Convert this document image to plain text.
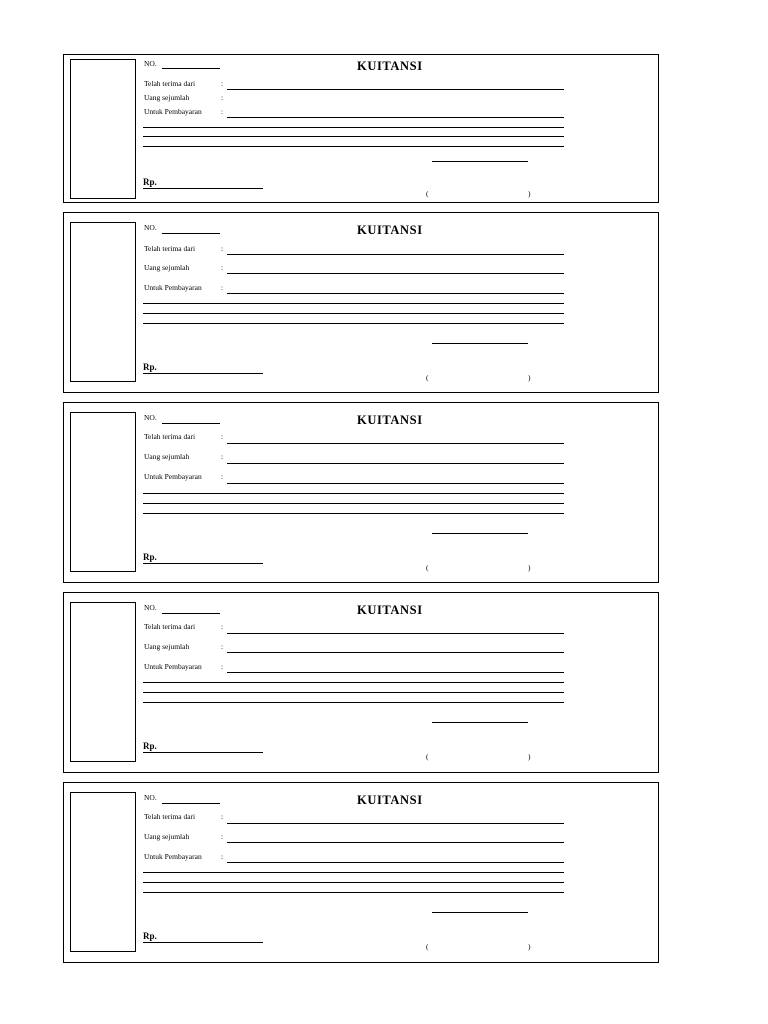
NO.	KUITANSI
Telah terima dari	:
Uang sejumlah	:
Untuk Pembayaran	:
Rp.
(	)
NO.	KUITANSI
Telah terima dari	:
Uang sejumlah	:
Untuk Pembayaran	:
Rp.
(	)
NO.	KUITANSI
Telah terima dari	:
Uang sejumlah	:
Untuk Pembayaran	:
Rp.
(	)
NO.	KUITANSI
Telah terima dari	:
Uang sejumlah	:
Untuk Pembayaran	:
Rp.
(	)
NO.	KUITANSI
Telah terima dari	:
Uang sejumlah	:
Untuk Pembayaran	:
Rp.
(	)
